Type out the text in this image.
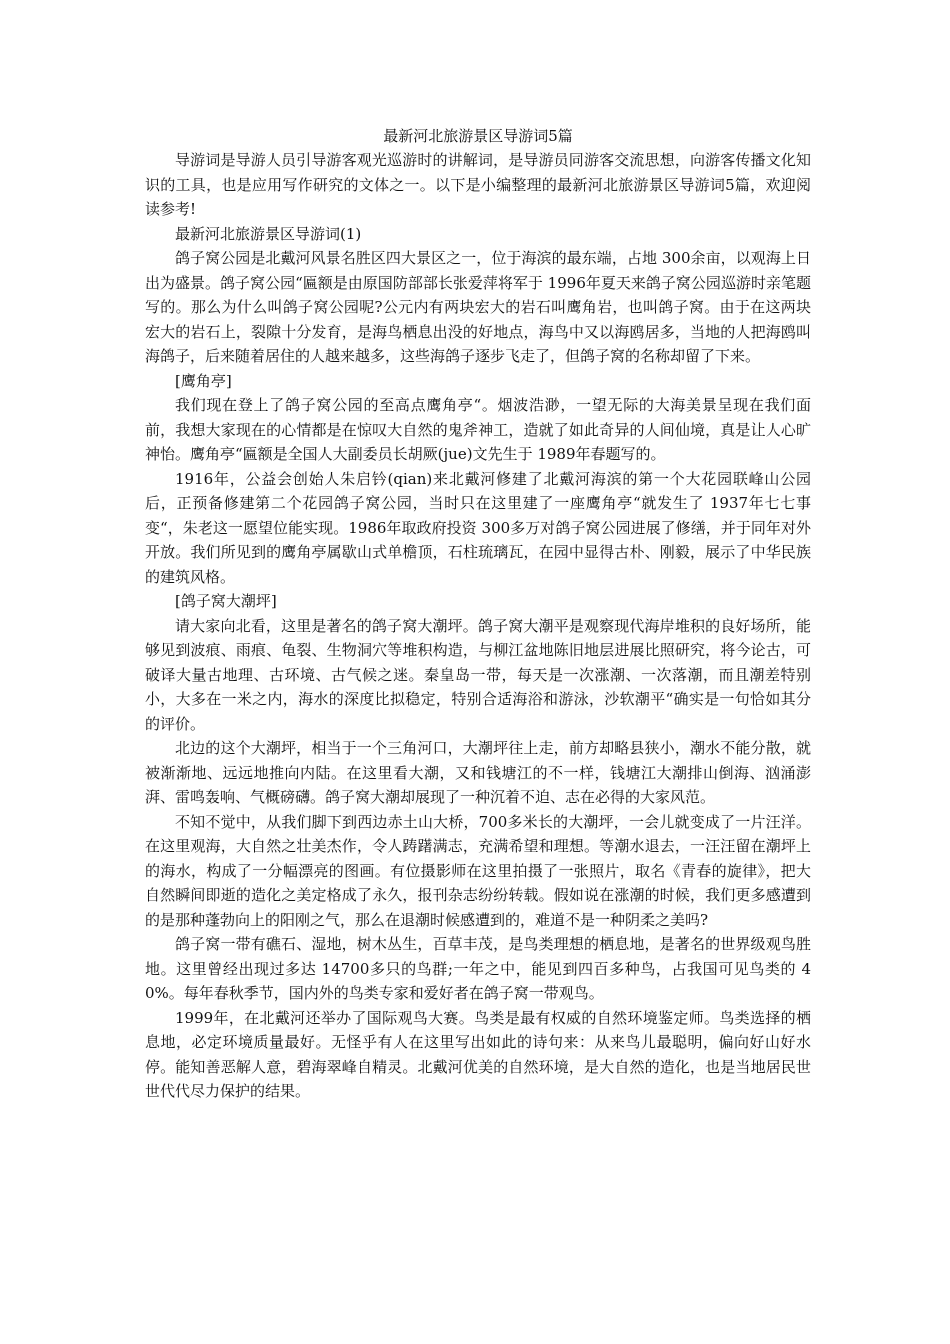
最新河北旅游景区导游词5篇

导游词是导游人员引导游客观光巡游时的讲解词，是导游员同游客交流思想，向游客传播文化知识的工具，也是应用写作研究的文体之一。以下是小编整理的最新河北旅游景区导游词5篇，欢迎阅读参考!

最新河北旅游景区导游词(1)

鸽子窝公园是北戴河风景名胜区四大景区之一，位于海滨的最东端，占地 300余亩，以观海上日出为盛景。鸽子窝公园“匾额是由原国防部部长张爱萍将军于 1996年夏天来鸽子窝公园巡游时亲笔题写的。那么为什么叫鸽子窝公园呢?公元内有两块宏大的岩石叫鹰角岩，也叫鸽子窝。由于在这两块宏大的岩石上，裂隙十分发育，是海鸟栖息出没的好地点，海鸟中又以海鸥居多，当地的人把海鸥叫海鸽子，后来随着居住的人越来越多，这些海鸽子逐步飞走了，但鸽子窝的名称却留了下来。

[鹰角亭]

我们现在登上了鸽子窝公园的至高点鹰角亭“。烟波浩渺，一望无际的大海美景呈现在我们面前，我想大家现在的心情都是在惊叹大自然的鬼斧神工，造就了如此奇异的人间仙境，真是让人心旷神怡。鹰角亭“匾额是全国人大副委员长胡厥(jue)文先生于 1989年春题写的。

1916年，公益会创始人朱启钤(qian)来北戴河修建了北戴河海滨的第一个大花园联峰山公园后，正预备修建第二个花园鸽子窝公园，当时只在这里建了一座鹰角亭“就发生了 1937年七七事变“，朱老这一愿望位能实现。1986年取政府投资 300多万对鸽子窝公园进展了修缮，并于同年对外开放。我们所见到的鹰角亭属歇山式单檐顶，石柱琉璃瓦，在园中显得古朴、刚毅，展示了中华民族的建筑风格。

[鸽子窝大潮坪]

请大家向北看，这里是著名的鸽子窝大潮坪。鸽子窝大潮平是观察现代海岸堆积的良好场所，能够见到波痕、雨痕、龟裂、生物洞穴等堆积构造，与柳江盆地陈旧地层进展比照研究，将今论古，可破译大量古地理、古环境、古气候之迷。秦皇岛一带，每天是一次涨潮、一次落潮，而且潮差特别小，大多在一米之内，海水的深度比拟稳定，特别合适海浴和游泳，沙软潮平“确实是一句恰如其分的评价。

北边的这个大潮坪，相当于一个三角河口，大潮坪往上走，前方却略县狭小，潮水不能分散，就被渐渐地、远远地推向内陆。在这里看大潮，又和钱塘江的不一样，钱塘江大潮排山倒海、汹涌澎湃、雷鸣轰响、气概磅礴。鸽子窝大潮却展现了一种沉着不迫、志在必得的大家风范。

不知不觉中，从我们脚下到西边赤土山大桥，700多米长的大潮坪，一会儿就变成了一片汪洋。在这里观海，大自然之壮美杰作，令人踌躇满志，充满希望和理想。等潮水退去，一汪汪留在潮坪上的海水，构成了一分幅漂亮的图画。有位摄影师在这里拍摄了一张照片，取名《青春的旋律》，把大自然瞬间即逝的造化之美定格成了永久，报刊杂志纷纷转载。假如说在涨潮的时候，我们更多感遭到的是那种蓬勃向上的阳刚之气，那么在退潮时候感遭到的，难道不是一种阴柔之美吗?

鸽子窝一带有礁石、湿地，树木丛生，百草丰茂，是鸟类理想的栖息地，是著名的世界级观鸟胜地。这里曾经出现过多达 14700多只的鸟群;一年之中，能见到四百多种鸟，占我国可见鸟类的 40%。每年春秋季节，国内外的鸟类专家和爱好者在鸽子窝一带观鸟。

1999年，在北戴河还举办了国际观鸟大赛。鸟类是最有权威的自然环境鉴定师。鸟类选择的栖息地，必定环境质量最好。无怪乎有人在这里写出如此的诗句来：从来鸟儿最聪明，偏向好山好水停。能知善恶解人意，碧海翠峰自精灵。北戴河优美的自然环境，是大自然的造化，也是当地居民世世代代尽力保护的结果。
